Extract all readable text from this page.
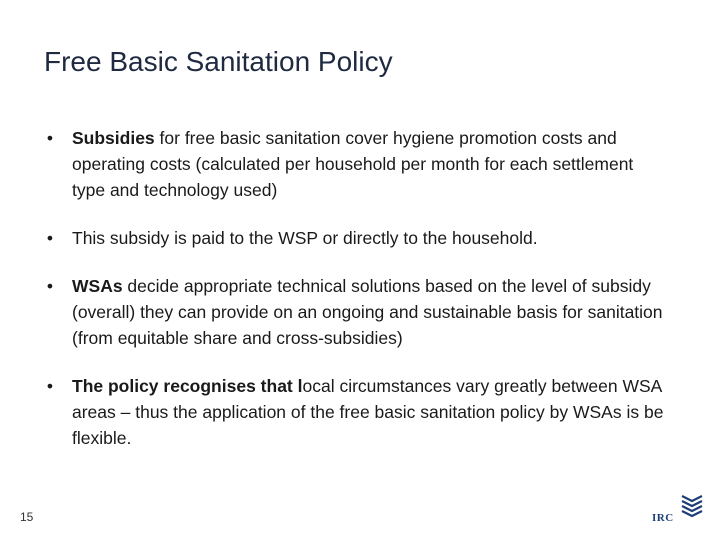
Free Basic Sanitation Policy
•	Subsidies for free basic sanitation cover hygiene promotion costs and operating costs (calculated per household per month for each settlement type and technology used)
•	This subsidy is paid to the WSP or directly to the household.
•	WSAs decide appropriate technical solutions based on the level of subsidy (overall) they can provide on an ongoing and sustainable basis for sanitation (from equitable share and cross-subsidies)
•	The policy recognises that local circumstances vary greatly between WSA areas – thus the application of the free basic sanitation policy by WSAs is be flexible.
15	IRC
